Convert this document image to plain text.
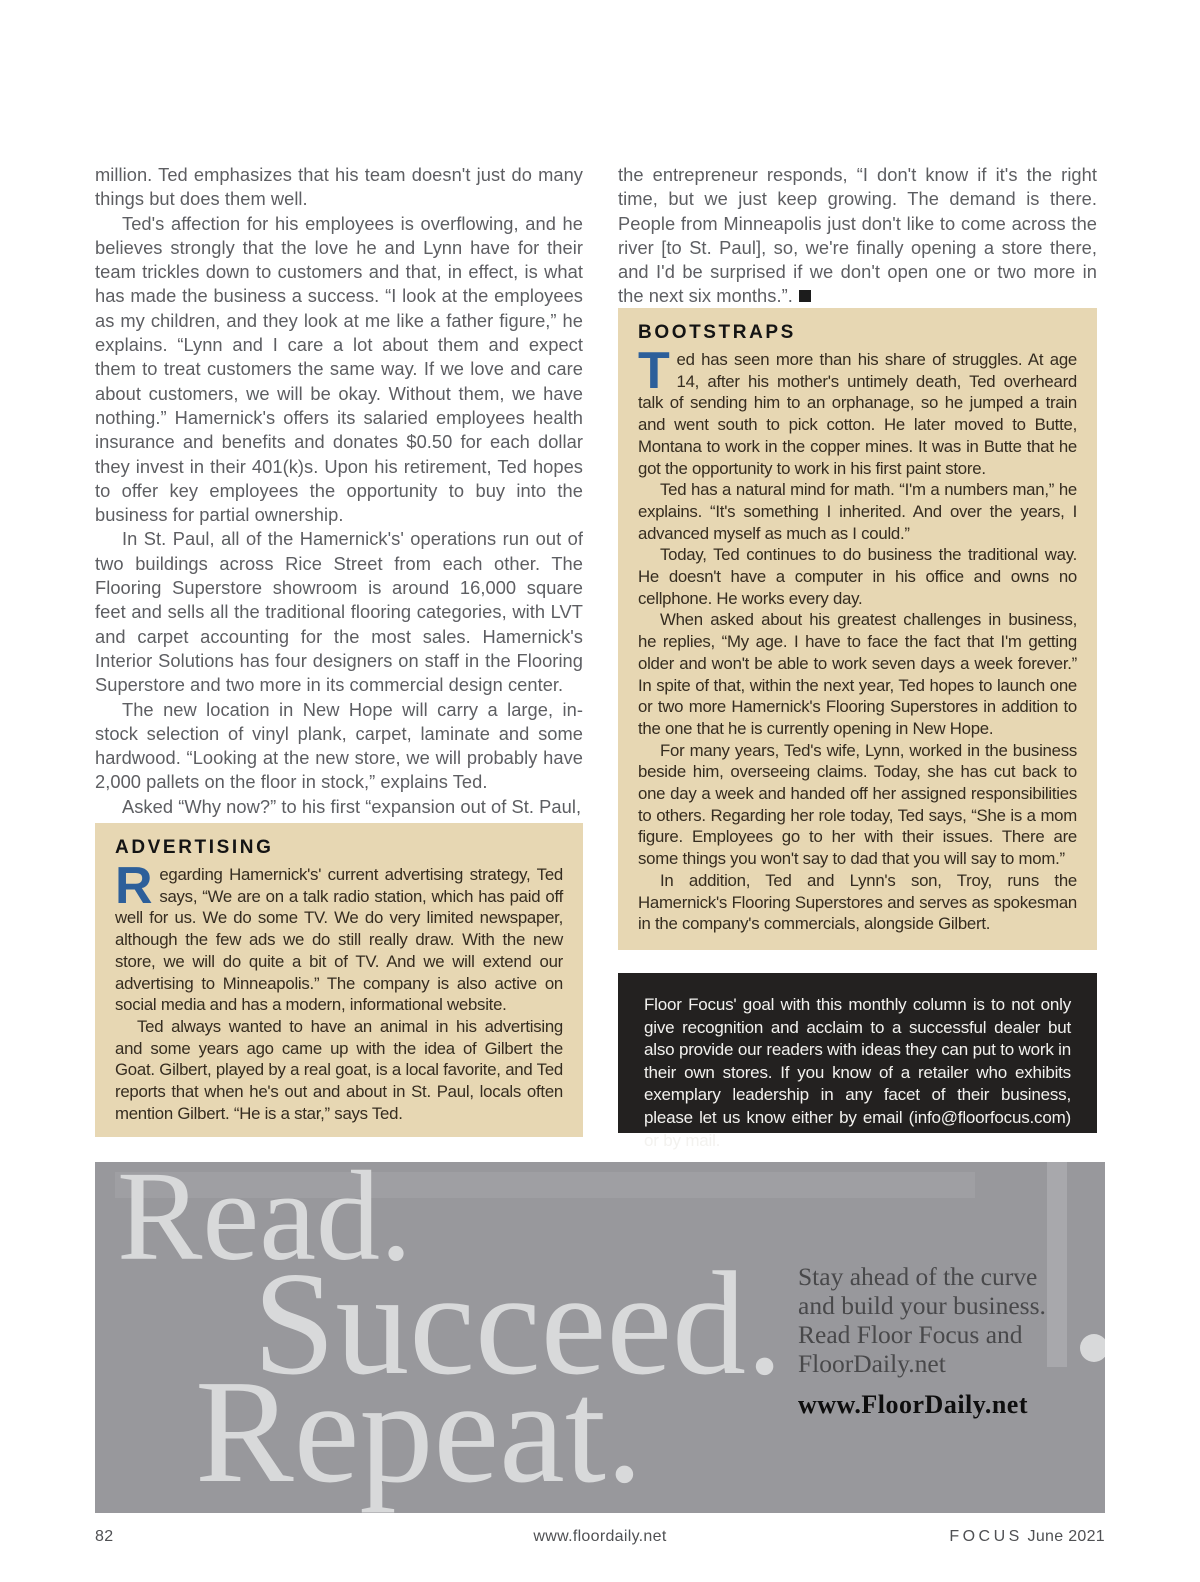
million. Ted emphasizes that his team doesn't just do many things but does them well.

Ted's affection for his employees is overflowing, and he believes strongly that the love he and Lynn have for their team trickles down to customers and that, in effect, is what has made the business a success. “I look at the employees as my children, and they look at me like a father figure,” he explains. “Lynn and I care a lot about them and expect them to treat customers the same way. If we love and care about customers, we will be okay. Without them, we have nothing.” Hamernick's offers its salaried employees health insurance and benefits and donates $0.50 for each dollar they invest in their 401(k)s. Upon his retirement, Ted hopes to offer key employees the opportunity to buy into the business for partial ownership.

In St. Paul, all of the Hamernick's' operations run out of two buildings across Rice Street from each other. The Flooring Superstore showroom is around 16,000 square feet and sells all the traditional flooring categories, with LVT and carpet accounting for the most sales. Hamernick's Interior Solutions has four designers on staff in the Flooring Superstore and two more in its commercial design center.

The new location in New Hope will carry a large, in-stock selection of vinyl plank, carpet, laminate and some hardwood. “Looking at the new store, we will probably have 2,000 pallets on the floor in stock,” explains Ted.

Asked “Why now?” to his first “expansion out of St. Paul,

the entrepreneur responds, “I don't know if it's the right time, but we just keep growing. The demand is there. People from Minneapolis just don't like to come across the river [to St. Paul], so, we're finally opening a store there, and I'd be surprised if we don't open one or two more in the next six months.”.

ADVERTISING

Regarding Hamernick's' current advertising strategy, Ted says, “We are on a talk radio station, which has paid off well for us. We do some TV. We do very limited newspaper, although the few ads we do still really draw. With the new store, we will do quite a bit of TV. And we will extend our advertising to Minneapolis.” The company is also active on social media and has a modern, informational website.

Ted always wanted to have an animal in his advertising and some years ago came up with the idea of Gilbert the Goat. Gilbert, played by a real goat, is a local favorite, and Ted reports that when he's out and about in St. Paul, locals often mention Gilbert. “He is a star,” says Ted.

BOOTSTRAPS

Ted has seen more than his share of struggles. At age 14, after his mother's untimely death, Ted overheard talk of sending him to an orphanage, so he jumped a train and went south to pick cotton. He later moved to Butte, Montana to work in the copper mines. It was in Butte that he got the opportunity to work in his first paint store.

Ted has a natural mind for math. “I'm a numbers man,” he explains. “It's something I inherited. And over the years, I advanced myself as much as I could.”

Today, Ted continues to do business the traditional way. He doesn't have a computer in his office and owns no cellphone. He works every day.

When asked about his greatest challenges in business, he replies, “My age. I have to face the fact that I'm getting older and won't be able to work seven days a week forever.” In spite of that, within the next year, Ted hopes to launch one or two more Hamernick's Flooring Superstores in addition to the one that he is currently opening in New Hope.

For many years, Ted's wife, Lynn, worked in the business beside him, overseeing claims. Today, she has cut back to one day a week and handed off her assigned responsibilities to others. Regarding her role today, Ted says, “She is a mom figure. Employees go to her with their issues. There are some things you won't say to dad that you will say to mom.”

In addition, Ted and Lynn's son, Troy, runs the Hamernick's Flooring Superstores and serves as spokesman in the company's commercials, alongside Gilbert.

Floor Focus' goal with this monthly column is to not only give recognition and acclaim to a successful dealer but also provide our readers with ideas they can put to work in their own stores. If you know of a retailer who exhibits exemplary leadership in any facet of their business, please let us know either by email (info@floorfocus.com) or by mail.

Read.
Succeed.
Repeat.
Stay ahead of the curve
and build your business.
Read Floor Focus and
FloorDaily.net
www.FloorDaily.net
82	www.floordaily.net	FOCUS June 2021
